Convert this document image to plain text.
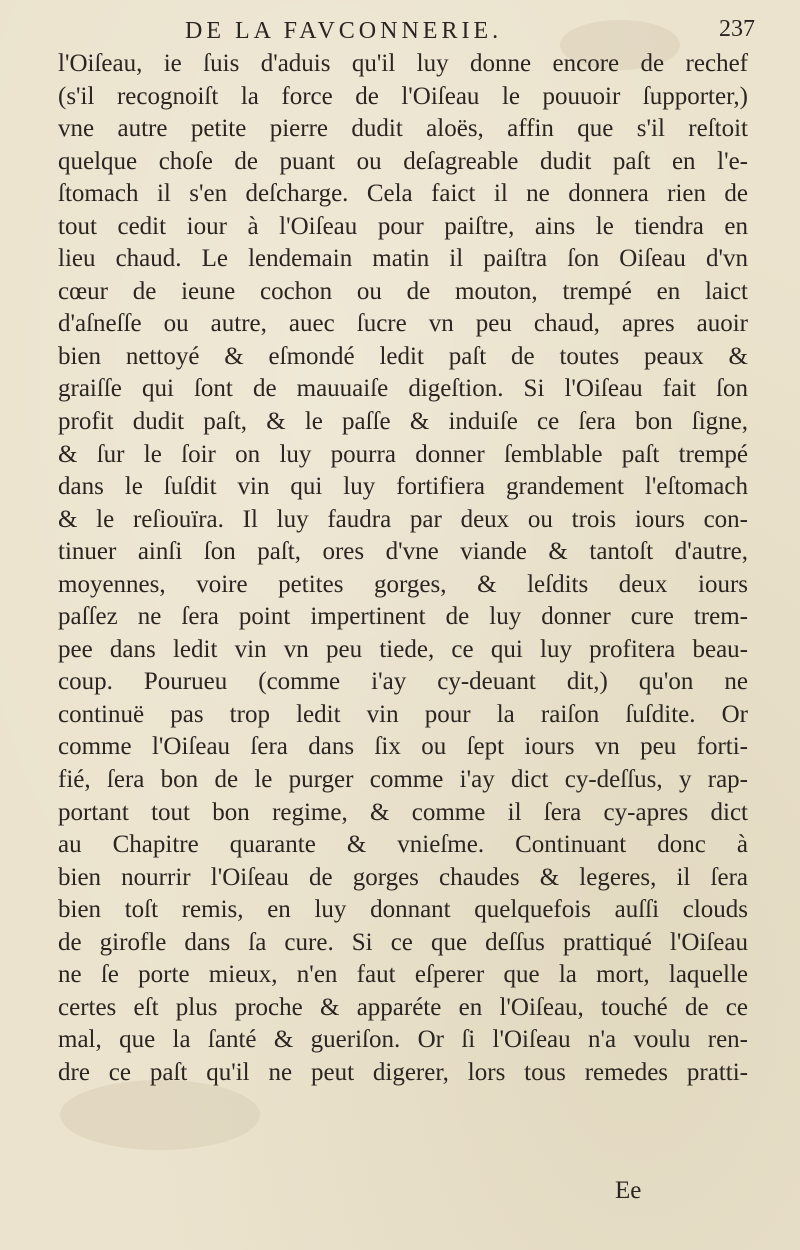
DE LA FAVCONNERIE.	237
l'Oiſeau, ie ſuis d'aduis qu'il luy donne encore de rechef
(s'il recognoiſt la force de l'Oiſeau le pouuoir ſupporter,)
vne autre petite pierre dudit aloës, affin que s'il reſtoit
quelque choſe de puant ou deſagreable dudit paſt en l'e-
ſtomach il s'en deſcharge. Cela faict il ne donnera rien de
tout cedit iour à l'Oiſeau pour paiſtre, ains le tiendra en
lieu chaud. Le lendemain matin il paiſtra ſon Oiſeau d'vn
cœur de ieune cochon ou de mouton, trempé en laict
d'aſneſſe ou autre, auec ſucre vn peu chaud, apres auoir
bien nettoyé & eſmondé ledit paſt de toutes peaux &
graiſſe qui ſont de mauuaiſe digeſtion. Si l'Oiſeau fait ſon
profit dudit paſt, & le paſſe & induiſe ce ſera bon ſigne,
& ſur le ſoir on luy pourra donner ſemblable paſt trempé
dans le ſuſdit vin qui luy fortifiera grandement l'eſtomach
& le reſiouïra. Il luy faudra par deux ou trois iours con-
tinuer ainſi ſon paſt, ores d'vne viande & tantoſt d'autre,
moyennes, voire petites gorges, & leſdits deux iours
paſſez ne ſera point impertinent de luy donner cure trem-
pee dans ledit vin vn peu tiede, ce qui luy profitera beau-
coup. Pourueu (comme i'ay cy-deuant dit,) qu'on ne
continuë pas trop ledit vin pour la raiſon ſuſdite. Or
comme l'Oiſeau ſera dans ſix ou ſept iours vn peu forti-
fié, ſera bon de le purger comme i'ay dict cy-deſſus, y rap-
portant tout bon regime, & comme il ſera cy-apres dict
au Chapitre quarante & vnieſme. Continuant donc à
bien nourrir l'Oiſeau de gorges chaudes & legeres, il ſera
bien toſt remis, en luy donnant quelquefois auſſi clouds
de girofle dans ſa cure. Si ce que deſſus prattiqué l'Oiſeau
ne ſe porte mieux, n'en faut eſperer que la mort, laquelle
certes eſt plus proche & apparéte en l'Oiſeau, touché de ce
mal, que la ſanté & gueriſon. Or ſi l'Oiſeau n'a voulu ren-
dre ce paſt qu'il ne peut digerer, lors tous remedes pratti-
Ee
